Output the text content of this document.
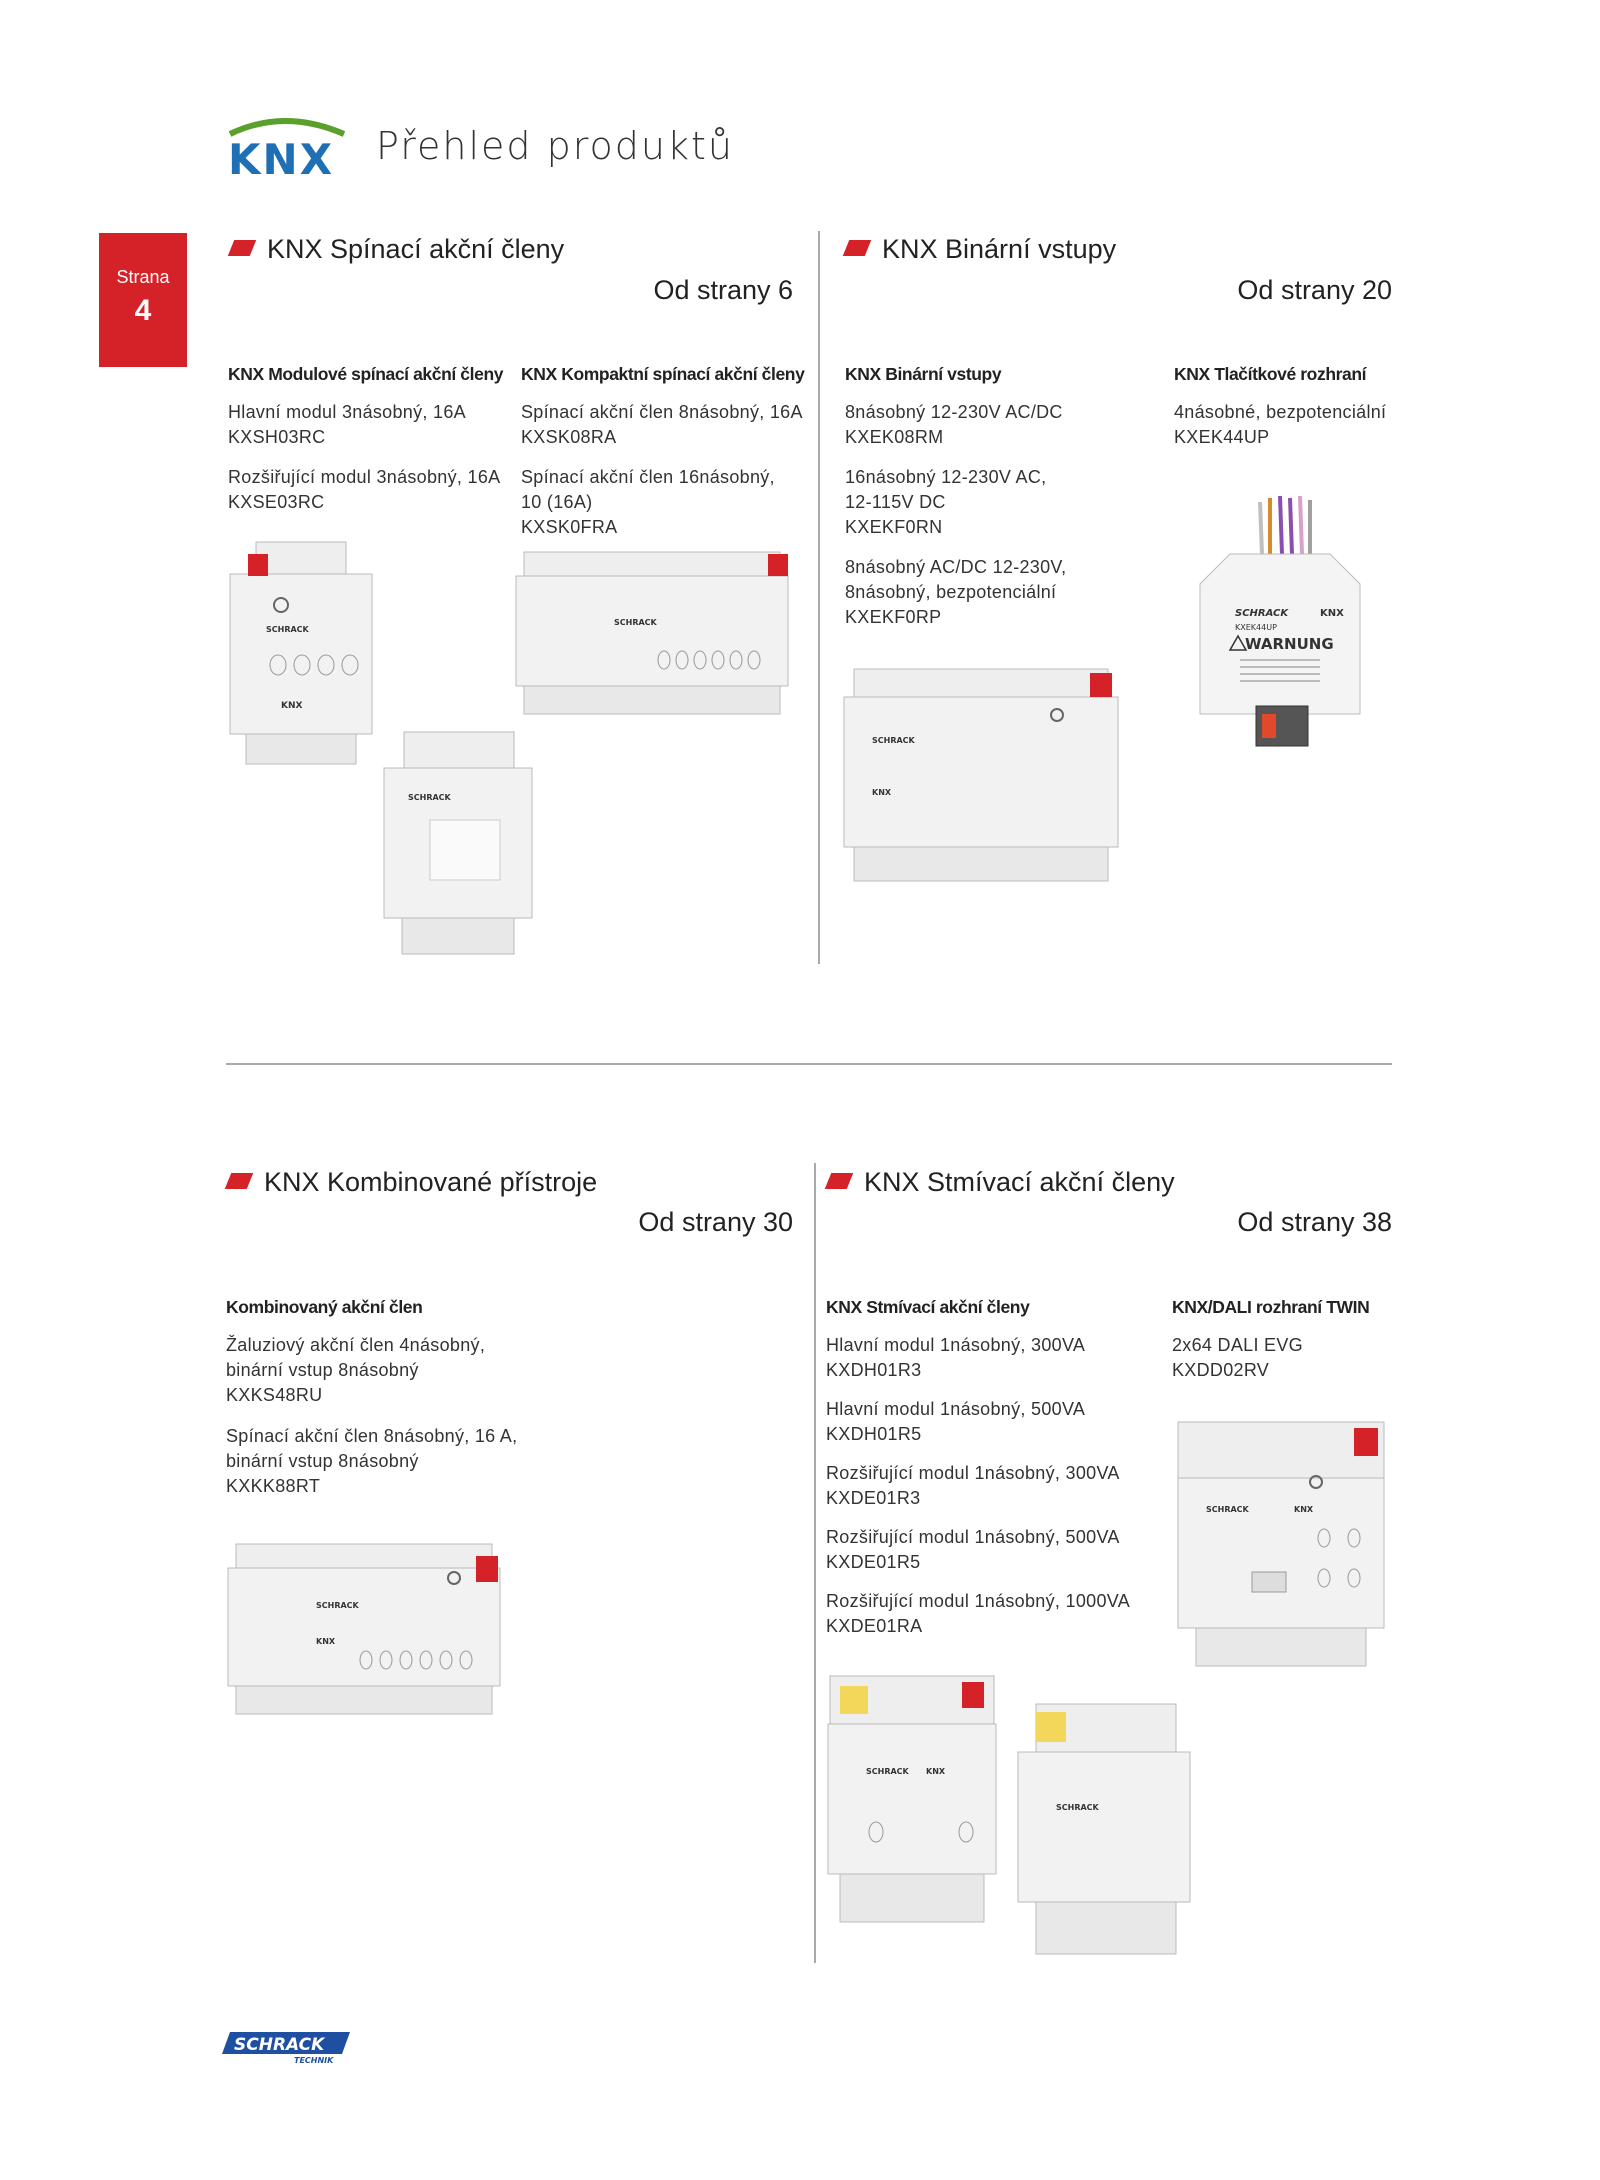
KNX Přehled produktů
Strana
4
KNX Spínací akční členy
Od strany 6
KNX Modulové spínací akční členy
Hlavní modul 3násobný, 16A
KXSH03RC
Rozšiřující modul 3násobný, 16A
KXSE03RC
KNX Kompaktní spínací akční členy
Spínací akční člen 8násobný, 16A
KXSK08RA
Spínací akční člen 16násobný,
10 (16A)
KXSK0FRA
SCHRACK
KNX
SCHRACK
SCHRACK
KNX Binární vstupy
Od strany 20
KNX Binární vstupy
8násobný 12-230V AC/DC
KXEK08RM
16násobný 12-230V AC,
12-115V DC
KXEKF0RN
8násobný AC/DC 12-230V,
8násobný, bezpotenciální
KXEKF0RP
KNX Tlačítkové rozhraní
4násobné, bezpotenciální
KXEK44UP
SCHRACK
KNX
SCHRACK	KNX
KXEK44UP
WARNUNG
KNX Kombinované přístroje
Od strany 30
Kombinovaný akční člen
Žaluziový akční člen 4násobný,
binární vstup 8násobný
KXKS48RU
Spínací akční člen 8násobný, 16 A,
binární vstup 8násobný
KXKK88RT
SCHRACK
KNX
KNX Stmívací akční členy
Od strany 38
KNX Stmívací akční členy
Hlavní modul 1násobný, 300VA
KXDH01R3
Hlavní modul 1násobný, 500VA
KXDH01R5
Rozšiřující modul 1násobný, 300VA
KXDE01R3
Rozšiřující modul 1násobný, 500VA
KXDE01R5
Rozšiřující modul 1násobný, 1000VA
KXDE01RA
KNX/DALI rozhraní TWIN
2x64 DALI EVG
KXDD02RV
SCHRACK	KNX
SCHRACK KNX
SCHRACK
SCHRACK
TECHNIK
